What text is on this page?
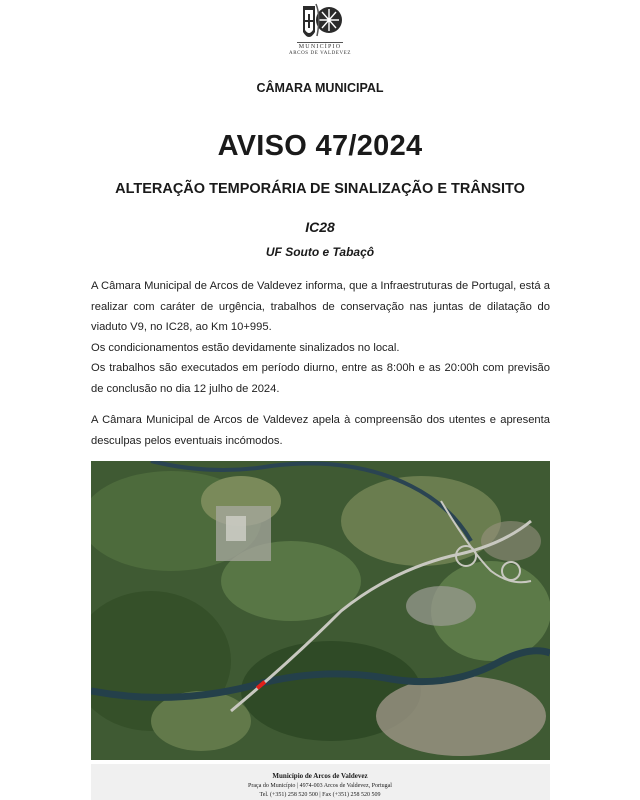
MUNICÍPIO
ARCOS DE VALDEVEZ
CÂMARA MUNICIPAL
AVISO 47/2024
ALTERAÇÃO TEMPORÁRIA DE SINALIZAÇÃO E TRÂNSITO
IC28
UF Souto e Tabaçô
A Câmara Municipal de Arcos de Valdevez informa, que a Infraestruturas de Portugal, está a realizar com caráter de urgência, trabalhos de conservação nas juntas de dilatação do viaduto V9, no IC28, ao Km 10+995.
Os condicionamentos estão devidamente sinalizados no local.
Os trabalhos são executados em período diurno, entre as 8:00h e as 20:00h com previsão de conclusão no dia 12 julho de 2024.
A Câmara Municipal de Arcos de Valdevez apela à compreensão dos utentes e apresenta desculpas pelos eventuais incómodos.
Município de Arcos de Valdevez
Praça do Município | 4974-003 Arcos de Valdevez, Portugal
Tel. (+351) 258 520 500 | Fax (+351) 258 520 509
